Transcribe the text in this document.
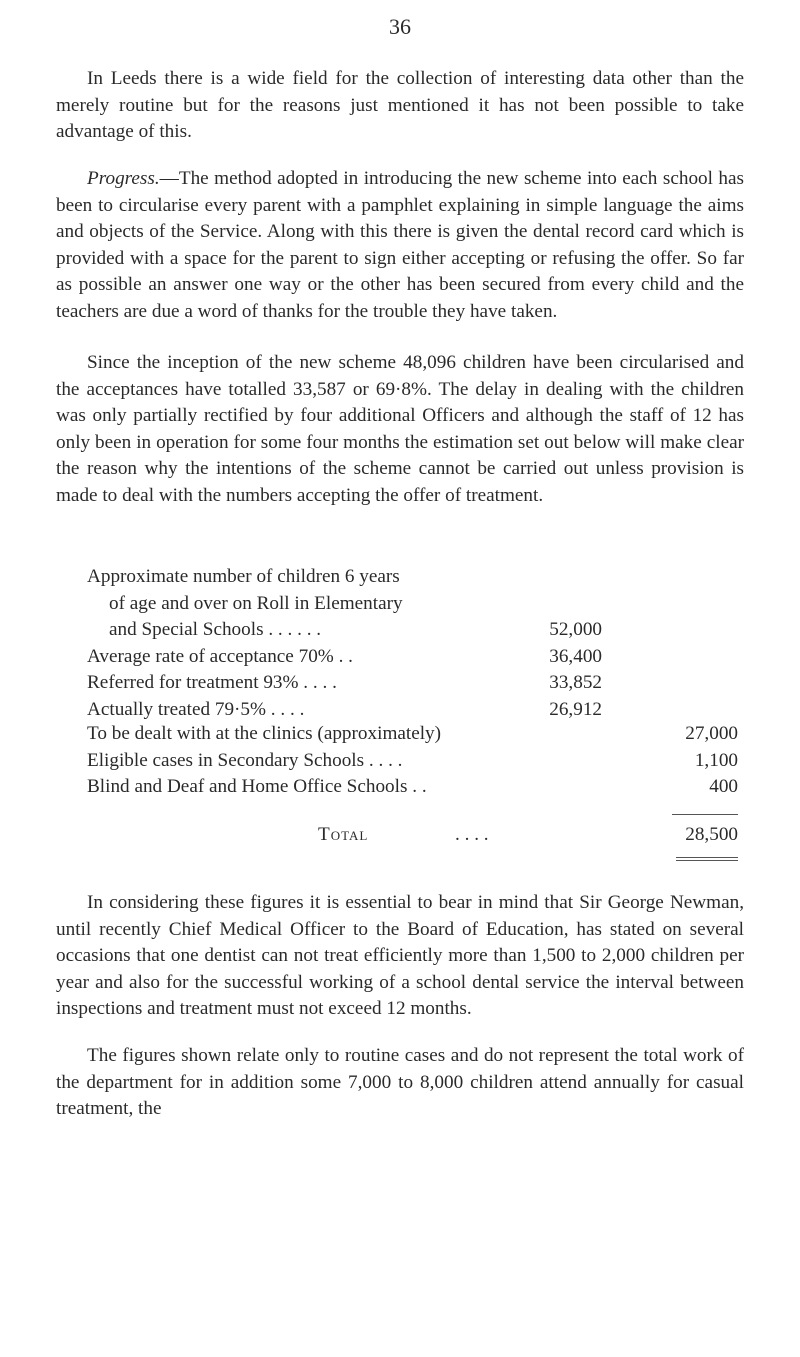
36

In Leeds there is a wide field for the collection of interesting data other than the merely routine but for the reasons just mentioned it has not been possible to take advantage of this.

Progress.—The method adopted in introducing the new scheme into each school has been to circularise every parent with a pamphlet explaining in simple language the aims and objects of the Service. Along with this there is given the dental record card which is provided with a space for the parent to sign either accepting or refusing the offer. So far as possible an answer one way or the other has been secured from every child and the teachers are due a word of thanks for the trouble they have taken.

Since the inception of the new scheme 48,096 children have been circularised and the acceptances have totalled 33,587 or 69·8%. The delay in dealing with the children was only partially rectified by four additional Officers and although the staff of 12 has only been in operation for some four months the estimation set out below will make clear the reason why the intentions of the scheme cannot be carried out unless provision is made to deal with the numbers accepting the offer of treatment.

Approximate number of children 6 years
of age and over on Roll in Elementary
and Special Schools . . . . . .	52,000
Average rate of acceptance 70% . .	36,400
Referred for treatment 93% . . . .	33,852
Actually treated 79·5% . . . .	26,912
To be dealt with at the clinics (approximately)	27,000
Eligible cases in Secondary Schools . . . .	1,100
Blind and Deaf and Home Office Schools . .	400
Total	. . . .	28,500

In considering these figures it is essential to bear in mind that Sir George Newman, until recently Chief Medical Officer to the Board of Education, has stated on several occasions that one dentist can not treat efficiently more than 1,500 to 2,000 children per year and also for the successful working of a school dental service the interval between inspections and treatment must not exceed 12 months.

The figures shown relate only to routine cases and do not represent the total work of the department for in addition some 7,000 to 8,000 children attend annually for casual treatment, the
